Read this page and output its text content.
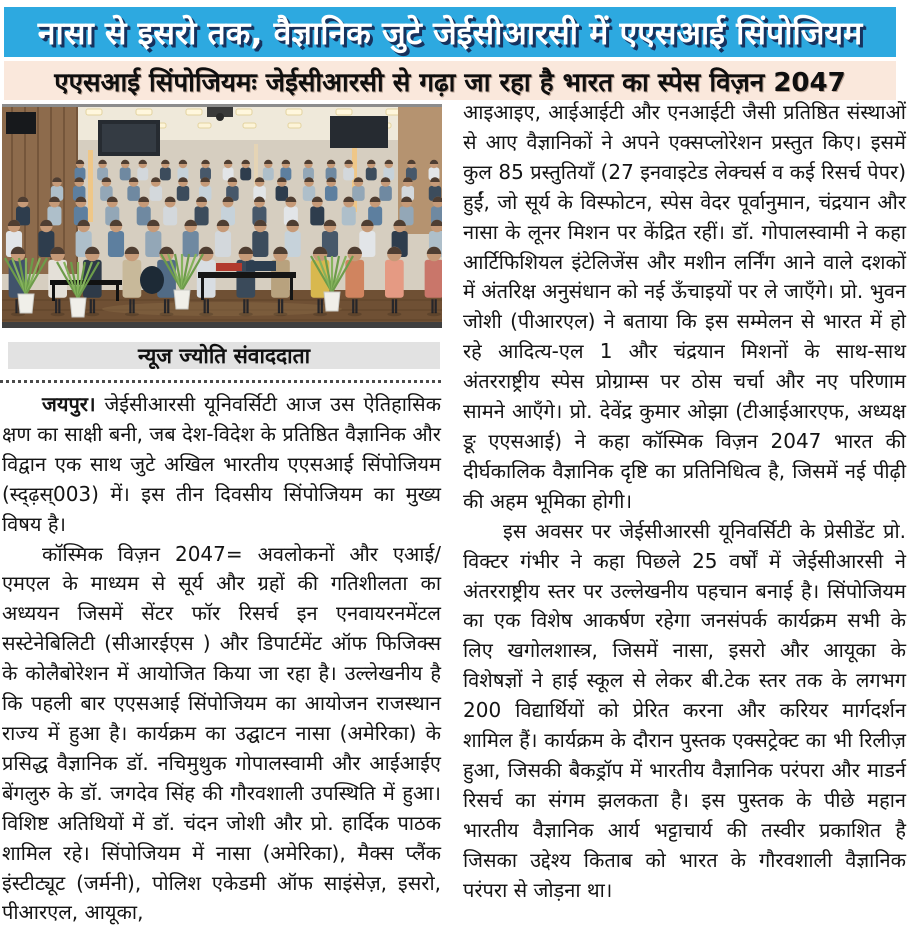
नासा से इसरो तक, वैज्ञानिक जुटे जेईसीआरसी में एएसआई सिंपोजियम
एएसआई सिंपोजियमः जेईसीआरसी से गढ़ा जा रहा है भारत का स्पेस विज़न 2047
न्यूज ज्योति संवाददाता

जयपुर। जेईसीआरसी यूनिवर्सिटी आज उस ऐतिहासिक क्षण का साक्षी बनी, जब देश-विदेश के प्रतिष्ठित वैज्ञानिक और विद्वान एक साथ जुटे अखिल भारतीय एएसआई सिंपोजियम (स्द्ढ़स्003) में। इस तीन दिवसीय सिंपोजियम का मुख्य विषय है।

कॉस्मिक विज़न 2047= अवलोकनों और एआई/एमएल के माध्यम से सूर्य और ग्रहों की गतिशीलता का अध्ययन जिसमें सेंटर फॉर रिसर्च इन एनवायरनमेंटल सस्टेनेबिलिटी (सीआरईएस ) और डिपार्टमेंट ऑफ फिजिक्स के कोलैबोरेशन में आयोजित किया जा रहा है। उल्लेखनीय है कि पहली बार एएसआई सिंपोजियम का आयोजन राजस्थान राज्य में हुआ है। कार्यक्रम का उद्घाटन नासा (अमेरिका) के प्रसिद्ध वैज्ञानिक डॉ. नचिमुथुक गोपालस्वामी और आईआईए बेंगलुरु के डॉ. जगदेव सिंह की गौरवशाली उपस्थिति में हुआ। विशिष्ट अतिथियों में डॉ. चंदन जोशी और प्रो. हार्दिक पाठक शामिल रहे। सिंपोजियम में नासा (अमेरिका), मैक्स प्लैंक इंस्टीट्यूट (जर्मनी), पोलिश एकेडमी ऑफ साइंसेज़, इसरो, पीआरएल, आयूका,

आइआइए, आईआईटी और एनआईटी जैसी प्रतिष्ठित संस्थाओं से आए वैज्ञानिकों ने अपने एक्सप्लोरेशन प्रस्तुत किए। इसमें कुल 85 प्रस्तुतियाँ (27 इनवाइटेड लेक्चर्स व कई रिसर्च पेपर) हुईं, जो सूर्य के विस्फोटन, स्पेस वेदर पूर्वानुमान, चंद्रयान और नासा के लूनर मिशन पर केंद्रित रहीं। डॉ. गोपालस्वामी ने कहा आर्टिफिशियल इंटेलिजेंस और मशीन लर्निंग आने वाले दशकों में अंतरिक्ष अनुसंधान को नई ऊँचाइयों पर ले जाएँगे। प्रो. भुवन जोशी (पीआरएल) ने बताया कि इस सम्मेलन से भारत में हो रहे आदित्य-एल 1 और चंद्रयान मिशनों के साथ-साथ अंतरराष्ट्रीय स्पेस प्रोग्राम्स पर ठोस चर्चा और नए परिणाम सामने आएँगे। प्रो. देवेंद्र कुमार ओझा (टीआईआरएफ, अध्यक्ष ङू एएसआई) ने कहा कॉस्मिक विज़न 2047 भारत की दीर्घकालिक वैज्ञानिक दृष्टि का प्रतिनिधित्व है, जिसमें नई पीढ़ी की अहम भूमिका होगी।

इस अवसर पर जेईसीआरसी यूनिवर्सिटी के प्रेसीडेंट प्रो. विक्टर गंभीर ने कहा पिछले 25 वर्षों में जेईसीआरसी ने अंतरराष्ट्रीय स्तर पर उल्लेखनीय पहचान बनाई है। सिंपोजियम का एक विशेष आकर्षण रहेगा जनसंपर्क कार्यक्रम सभी के लिए खगोलशास्त्र, जिसमें नासा, इसरो और आयूका के विशेषज्ञों ने हाई स्कूल से लेकर बी.टेक स्तर तक के लगभग 200 विद्यार्थियों को प्रेरित करना और करियर मार्गदर्शन शामिल हैं। कार्यक्रम के दौरान पुस्तक एक्सट्रेक्ट का भी रिलीज़ हुआ, जिसकी बैकड्रॉप में भारतीय वैज्ञानिक परंपरा और माडर्न रिसर्च का संगम झलकता है। इस पुस्तक के पीछे महान भारतीय वैज्ञानिक आर्य भट्टाचार्य की तस्वीर प्रकाशित है जिसका उद्देश्य किताब को भारत के गौरवशाली वैज्ञानिक परंपरा से जोड़ना था।
